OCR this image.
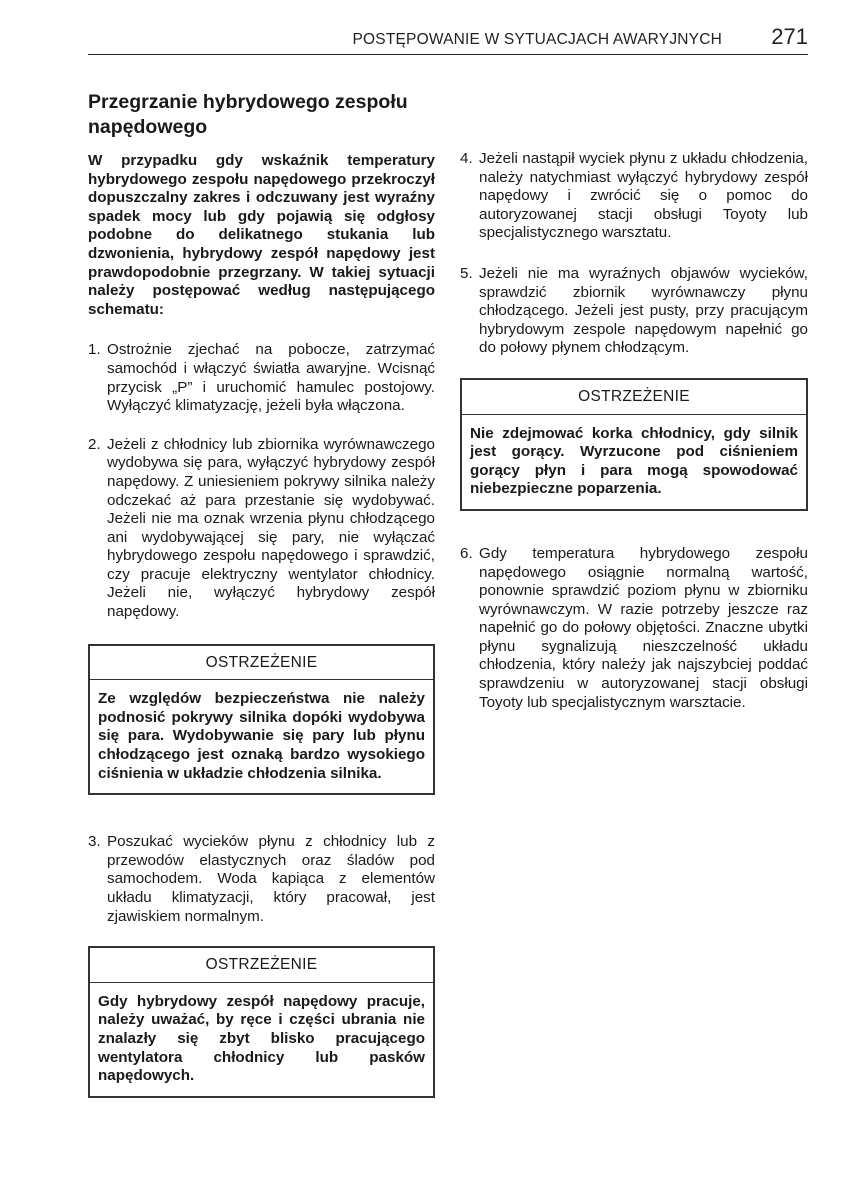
POSTĘPOWANIE W SYTUACJACH AWARYJNYCH 271
Przegrzanie hybrydowego zespołu napędowego

W przypadku gdy wskaźnik temperatury hybrydowego zespołu napędowego przekroczył dopuszczalny zakres i odczuwany jest wyraźny spadek mocy lub gdy pojawią się odgłosy podobne do delikatnego stukania lub dzwonienia, hybrydowy zespół napędowy jest prawdopodobnie przegrzany. W takiej sytuacji należy postępować według następującego schematu:

1. Ostrożnie zjechać na pobocze, zatrzymać samochód i włączyć światła awaryjne. Wcisnąć przycisk „P” i uruchomić hamulec postojowy. Wyłączyć klimatyzację, jeżeli była włączona.
2. Jeżeli z chłodnicy lub zbiornika wyrównawczego wydobywa się para, wyłączyć hybrydowy zespół napędowy. Z uniesieniem pokrywy silnika należy odczekać aż para przestanie się wydobywać. Jeżeli nie ma oznak wrzenia płynu chłodzącego ani wydobywającej się pary, nie wyłączać hybrydowego zespołu napędowego i sprawdzić, czy pracuje elektryczny wentylator chłodnicy. Jeżeli nie, wyłączyć hybrydowy zespół napędowy.
OSTRZEŻENIE
Ze względów bezpieczeństwa nie należy podnosić pokrywy silnika dopóki wydobywa się para. Wydobywanie się pary lub płynu chłodzącego jest oznaką bardzo wysokiego ciśnienia w układzie chłodzenia silnika.
3. Poszukać wycieków płynu z chłodnicy lub z przewodów elastycznych oraz śladów pod samochodem. Woda kapiąca z elementów układu klimatyzacji, który pracował, jest zjawiskiem normalnym.
OSTRZEŻENIE
Gdy hybrydowy zespół napędowy pracuje, należy uważać, by ręce i części ubrania nie znalazły się zbyt blisko pracującego wentylatora chłodnicy lub pasków napędowych.
4. Jeżeli nastąpił wyciek płynu z układu chłodzenia, należy natychmiast wyłączyć hybrydowy zespół napędowy i zwrócić się o pomoc do autoryzowanej stacji obsługi Toyoty lub specjalistycznego warsztatu.
5. Jeżeli nie ma wyraźnych objawów wycieków, sprawdzić zbiornik wyrównawczy płynu chłodzącego. Jeżeli jest pusty, przy pracującym hybrydowym zespole napędowym napełnić go do połowy płynem chłodzącym.
OSTRZEŻENIE
Nie zdejmować korka chłodnicy, gdy silnik jest gorący. Wyrzucone pod ciśnieniem gorący płyn i para mogą spowodować niebezpieczne poparzenia.
6. Gdy temperatura hybrydowego zespołu napędowego osiągnie normalną wartość, ponownie sprawdzić poziom płynu w zbiorniku wyrównawczym. W razie potrzeby jeszcze raz napełnić go do połowy objętości. Znaczne ubytki płynu sygnalizują nieszczelność układu chłodzenia, który należy jak najszybciej poddać sprawdzeniu w autoryzowanej stacji obsługi Toyoty lub specjalistycznym warsztacie.
